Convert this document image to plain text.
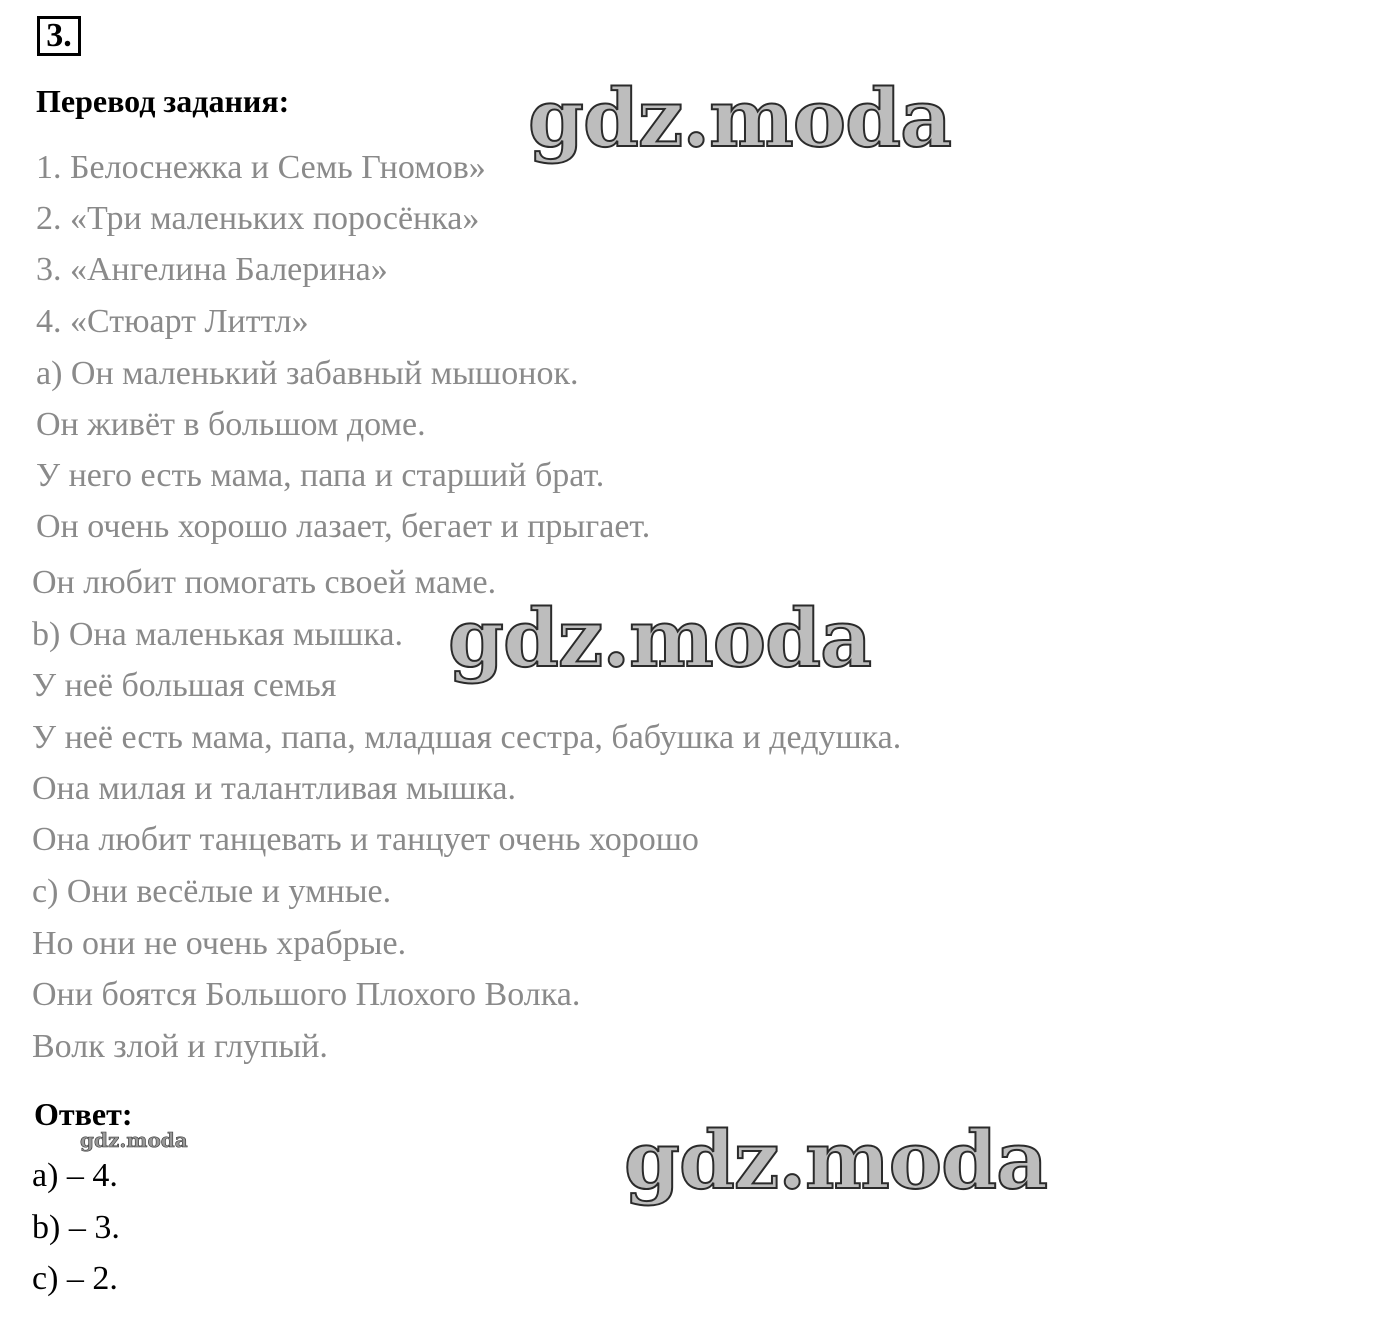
3.
Перевод задания:
1. Белоснежка и Семь Гномов»
2. «Три маленьких поросёнка»
3. «Ангелина Балерина»
4. «Стюарт Литтл»
a) Он маленький забавный мышонок.
Он живёт в большом доме.
У него есть мама, папа и старший брат.
Он очень хорошо лазает, бегает и прыгает.
Он любит помогать своей маме.
b) Она маленькая мышка.
У неё большая семья
У неё есть мама, папа, младшая сестра, бабушка и дедушка.
Она милая и талантливая мышка.
Она любит танцевать и танцует очень хорошо
c) Они весёлые и умные.
Но они не очень храбрые.
Они боятся Большого Плохого Волка.
Волк злой и глупый.
Ответ:
a) – 4.
b) – 3.
c) – 2.
gdz.moda
gdz.moda
gdz.moda
gdz.moda
